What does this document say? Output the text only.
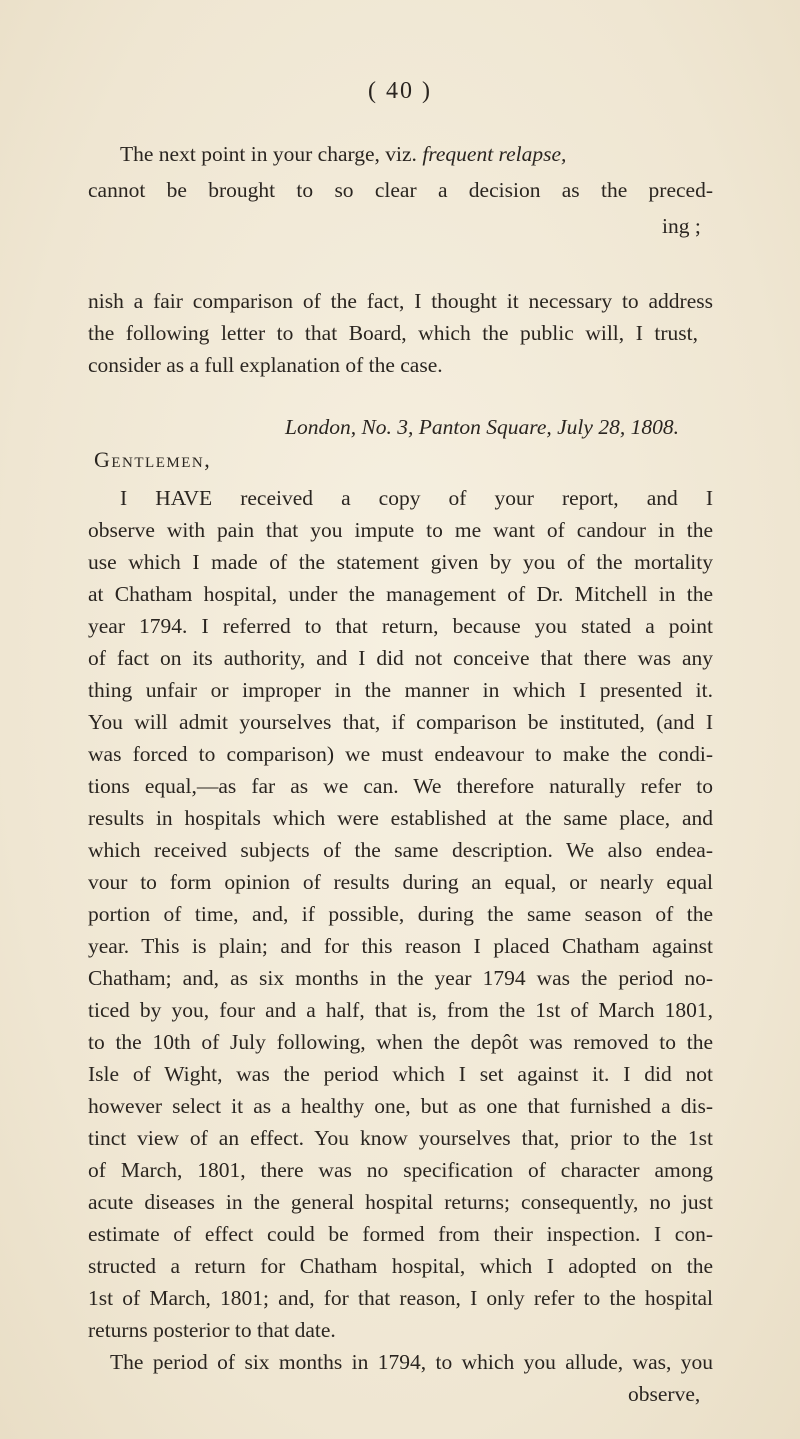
( 40 )
The next point in your charge, viz. frequent relapse,
cannot be brought to so clear a decision as the preced-
ing ;
nish a fair comparison of the fact, I thought it necessary to address
the following letter to that Board, which the public will, I trust,
consider as a full explanation of the case.
London, No. 3, Panton Square, July 28, 1808.
Gentlemen,
I HAVE received a copy of your report, and I
observe with pain that you impute to me want of candour in the
use which I made of the statement given by you of the mortality
at Chatham hospital, under the management of Dr. Mitchell in the
year 1794. I referred to that return, because you stated a point
of fact on its authority, and I did not conceive that there was any
thing unfair or improper in the manner in which I presented it.
You will admit yourselves that, if comparison be instituted, (and I
was forced to comparison) we must endeavour to make the condi-
tions equal,—as far as we can. We therefore naturally refer to
results in hospitals which were established at the same place, and
which received subjects of the same description. We also endea-
vour to form opinion of results during an equal, or nearly equal
portion of time, and, if possible, during the same season of the
year. This is plain; and for this reason I placed Chatham against
Chatham; and, as six months in the year 1794 was the period no-
ticed by you, four and a half, that is, from the 1st of March 1801,
to the 10th of July following, when the depôt was removed to the
Isle of Wight, was the period which I set against it. I did not
however select it as a healthy one, but as one that furnished a dis-
tinct view of an effect. You know yourselves that, prior to the 1st
of March, 1801, there was no specification of character among
acute diseases in the general hospital returns; consequently, no just
estimate of effect could be formed from their inspection. I con-
structed a return for Chatham hospital, which I adopted on the
1st of March, 1801; and, for that reason, I only refer to the hospital
returns posterior to that date.
The period of six months in 1794, to which you allude, was, you
observe,
